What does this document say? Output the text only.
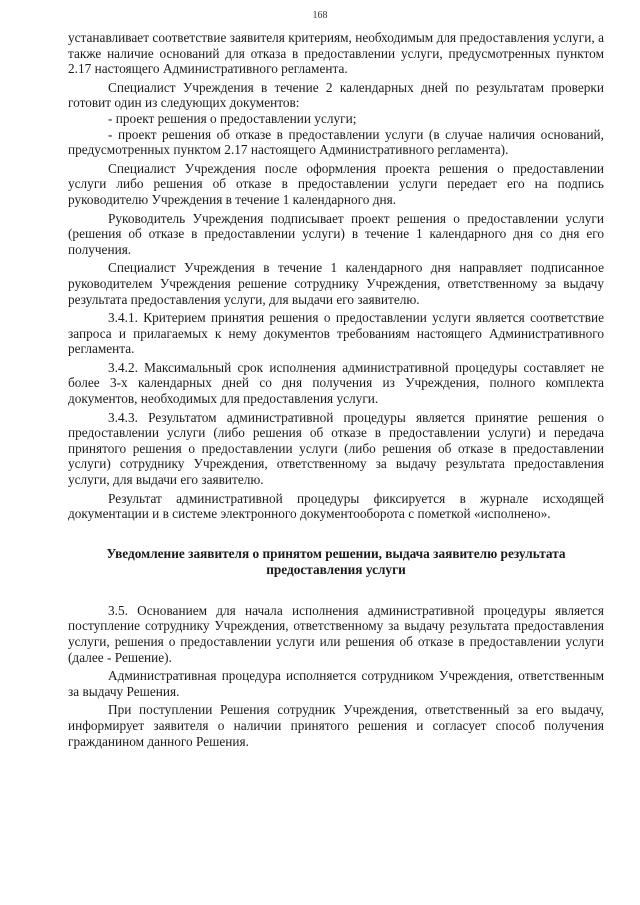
168

устанавливает соответствие заявителя критериям, необходимым для предоставления услуги, а также наличие оснований для отказа в предоставлении услуги, предусмотренных пунктом 2.17 настоящего Административного регламента.

Специалист Учреждения в течение 2 календарных дней по результатам проверки готовит один из следующих документов:

- проект решения о предоставлении услуги;

- проект решения об отказе в предоставлении услуги (в случае наличия оснований, предусмотренных пунктом 2.17 настоящего Административного регламента).

Специалист Учреждения после оформления проекта решения о предоставлении услуги либо решения об отказе в предоставлении услуги передает его на подпись руководителю Учреждения в течение 1 календарного дня.

Руководитель Учреждения подписывает проект решения о предоставлении услуги (решения об отказе в предоставлении услуги) в течение 1 календарного дня со дня его получения.

Специалист Учреждения в течение 1 календарного дня направляет подписанное руководителем Учреждения решение сотруднику Учреждения, ответственному за выдачу результата предоставления услуги, для выдачи его заявителю.

3.4.1. Критерием принятия решения о предоставлении услуги является соответствие запроса и прилагаемых к нему документов требованиям настоящего Административного регламента.

3.4.2. Максимальный срок исполнения административной процедуры составляет не более 3-х календарных дней со дня получения из Учреждения, полного комплекта документов, необходимых для предоставления услуги.

3.4.3. Результатом административной процедуры является принятие решения о предоставлении услуги (либо решения об отказе в предоставлении услуги) и передача принятого решения о предоставлении услуги (либо решения об отказе в предоставлении услуги) сотруднику Учреждения, ответственному за выдачу результата предоставления услуги, для выдачи его заявителю.

Результат административной процедуры фиксируется в журнале исходящей документации и в системе электронного документооборота с пометкой «исполнено».

Уведомление заявителя о принятом решении, выдача заявителю результата предоставления услуги

3.5. Основанием для начала исполнения административной процедуры является поступление сотруднику Учреждения, ответственному за выдачу результата предоставления услуги, решения о предоставлении услуги или решения об отказе в предоставлении услуги (далее - Решение).

Административная процедура исполняется сотрудником Учреждения, ответственным за выдачу Решения.

При поступлении Решения сотрудник Учреждения, ответственный за его выдачу, информирует заявителя о наличии принятого решения и согласует способ получения гражданином данного Решения.
